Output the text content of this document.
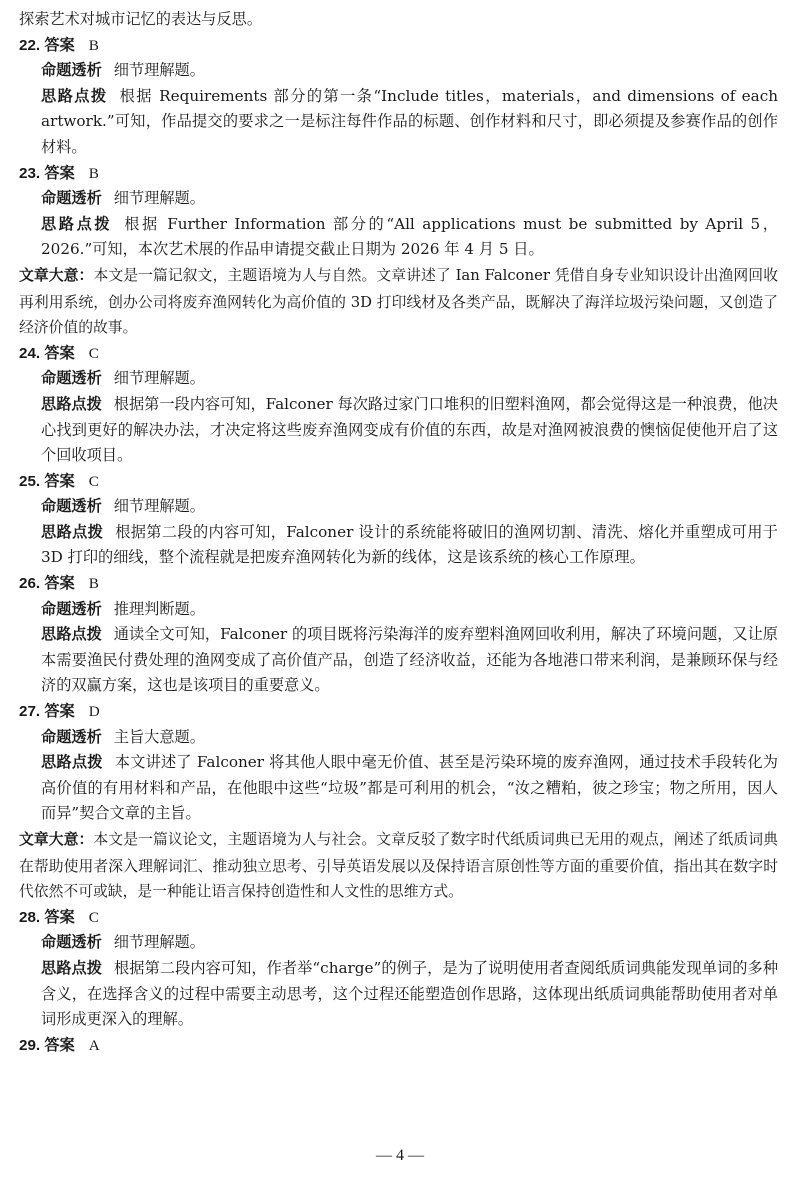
探索艺术对城市记忆的表达与反思。

22. 答案 B

命题透析 细节理解题。

思路点拨 根据 Requirements 部分的第一条“Include titles，materials，and dimensions of each artwork.”可知，作品提交的要求之一是标注每件作品的标题、创作材料和尺寸，即必须提及参赛作品的创作材料。

23. 答案 B

命题透析 细节理解题。

思路点拨 根据 Further Information 部分的“All applications must be submitted by April 5，2026.”可知，本次艺术展的作品申请提交截止日期为 2026 年 4 月 5 日。

文章大意：本文是一篇记叙文，主题语境为人与自然。文章讲述了 Ian Falconer 凭借自身专业知识设计出渔网回收再利用系统，创办公司将废弃渔网转化为高价值的 3D 打印线材及各类产品，既解决了海洋垃圾污染问题，又创造了经济价值的故事。

24. 答案 C

命题透析 细节理解题。

思路点拨 根据第一段内容可知，Falconer 每次路过家门口堆积的旧塑料渔网，都会觉得这是一种浪费，他决心找到更好的解决办法，才决定将这些废弃渔网变成有价值的东西，故是对渔网被浪费的懊恼促使他开启了这个回收项目。

25. 答案 C

命题透析 细节理解题。

思路点拨 根据第二段的内容可知，Falconer 设计的系统能将破旧的渔网切割、清洗、熔化并重塑成可用于 3D 打印的细线，整个流程就是把废弃渔网转化为新的线体，这是该系统的核心工作原理。

26. 答案 B

命题透析 推理判断题。

思路点拨 通读全文可知，Falconer 的项目既将污染海洋的废弃塑料渔网回收利用，解决了环境问题，又让原本需要渔民付费处理的渔网变成了高价值产品，创造了经济收益，还能为各地港口带来利润，是兼顾环保与经济的双赢方案，这也是该项目的重要意义。

27. 答案 D

命题透析 主旨大意题。

思路点拨 本文讲述了 Falconer 将其他人眼中毫无价值、甚至是污染环境的废弃渔网，通过技术手段转化为高价值的有用材料和产品，在他眼中这些“垃圾”都是可利用的机会，“汝之糟粕，彼之珍宝；物之所用，因人而异”契合文章的主旨。

文章大意：本文是一篇议论文，主题语境为人与社会。文章反驳了数字时代纸质词典已无用的观点，阐述了纸质词典在帮助使用者深入理解词汇、推动独立思考、引导英语发展以及保持语言原创性等方面的重要价值，指出其在数字时代依然不可或缺，是一种能让语言保持创造性和人文性的思维方式。

28. 答案 C

命题透析 细节理解题。

思路点拨 根据第二段内容可知，作者举“charge”的例子，是为了说明使用者查阅纸质词典能发现单词的多种含义，在选择含义的过程中需要主动思考，这个过程还能塑造创作思路，这体现出纸质词典能帮助使用者对单词形成更深入的理解。

29. 答案 A

— 4 —
